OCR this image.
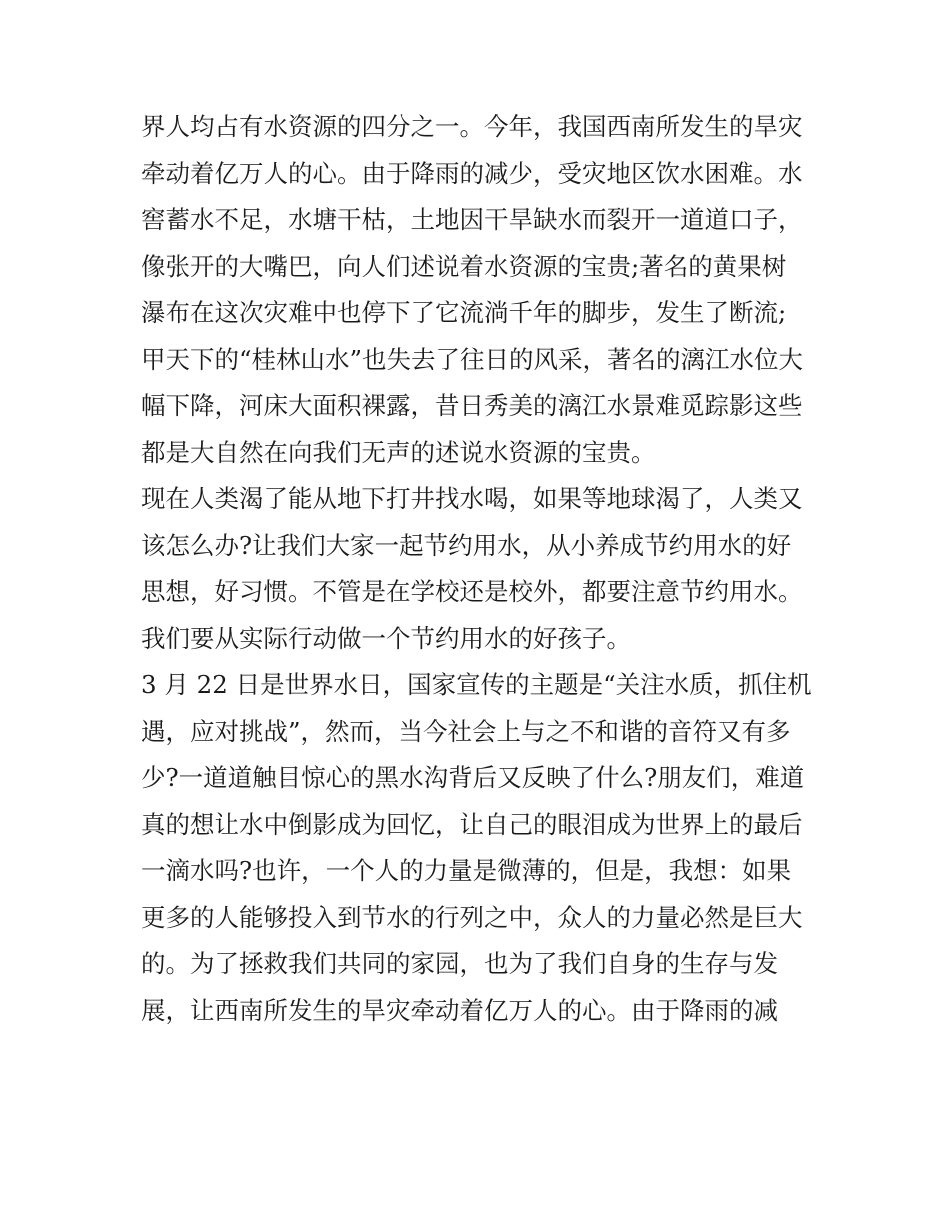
界人均占有水资源的四分之一。今年，我国西南所发生的旱灾
牵动着亿万人的心。由于降雨的减少，受灾地区饮水困难。水
窖蓄水不足，水塘干枯，土地因干旱缺水而裂开一道道口子，
像张开的大嘴巴，向人们述说着水资源的宝贵;著名的黄果树
瀑布在这次灾难中也停下了它流淌千年的脚步，发生了断流;
甲天下的“桂林山水”也失去了往日的风采，著名的漓江水位大
幅下降，河床大面积裸露，昔日秀美的漓江水景难觅踪影这些
都是大自然在向我们无声的述说水资源的宝贵。
现在人类渴了能从地下打井找水喝，如果等地球渴了，人类又
该怎么办?让我们大家一起节约用水，从小养成节约用水的好
思想，好习惯。不管是在学校还是校外，都要注意节约用水。
我们要从实际行动做一个节约用水的好孩子。
3 月 22 日是世界水日，国家宣传的主题是“关注水质，抓住机
遇，应对挑战”，然而，当今社会上与之不和谐的音符又有多
少?一道道触目惊心的黑水沟背后又反映了什么?朋友们，难道
真的想让水中倒影成为回忆，让自己的眼泪成为世界上的最后
一滴水吗?也许，一个人的力量是微薄的，但是，我想：如果
更多的人能够投入到节水的行列之中，众人的力量必然是巨大
的。为了拯救我们共同的家园，也为了我们自身的生存与发
展，让西南所发生的旱灾牵动着亿万人的心。由于降雨的减
